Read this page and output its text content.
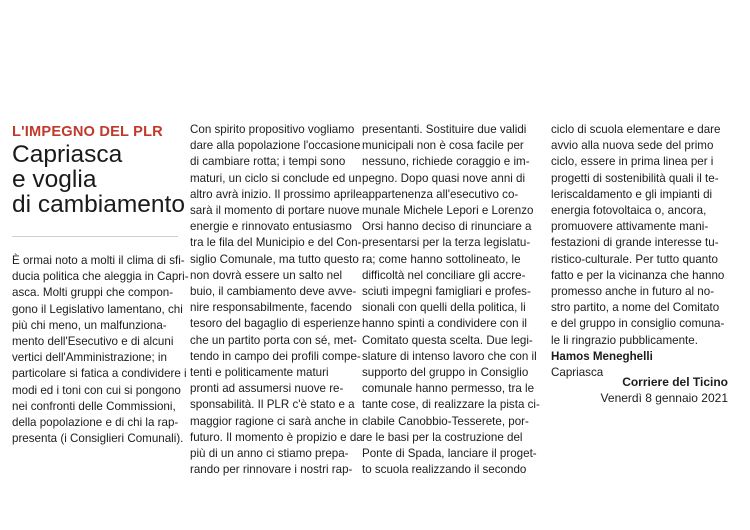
L'IMPEGNO DEL PLR
Capriasca
e voglia
di cambiamento
È ormai noto a molti il clima di sfi-
ducia politica che aleggia in Capri-
asca. Molti gruppi che compon-
gono il Legislativo lamentano, chi
più chi meno, un malfunziona-
mento dell'Esecutivo e di alcuni
vertici dell'Amministrazione; in
particolare si fatica a condividere i
modi ed i toni con cui si pongono
nei confronti delle Commissioni,
della popolazione e di chi la rap-
presenta (i Consiglieri Comunali).
Con spirito propositivo vogliamo
dare alla popolazione l'occasione
di cambiare rotta; i tempi sono
maturi, un ciclo si conclude ed un
altro avrà inizio. Il prossimo aprile
sarà il momento di portare nuove
energie e rinnovato entusiasmo
tra le fila del Municipio e del Con-
siglio Comunale, ma tutto questo
non dovrà essere un salto nel
buio, il cambiamento deve avve-
nire responsabilmente, facendo
tesoro del bagaglio di esperienze
che un partito porta con sé, met-
tendo in campo dei profili compe-
tenti e politicamente maturi
pronti ad assumersi nuove re-
sponsabilità. Il PLR c'è stato e a
maggior ragione ci sarà anche in
futuro. Il momento è propizio e da
più di un anno ci stiamo prepa-
rando per rinnovare i nostri rap-
presentanti. Sostituire due validi
municipali non è cosa facile per
nessuno, richiede coraggio e im-
pegno. Dopo quasi nove anni di
appartenenza all'esecutivo co-
munale Michele Lepori e Lorenzo
Orsi hanno deciso di rinunciare a
presentarsi per la terza legislatu-
ra; come hanno sottolineato, le
difficoltà nel conciliare gli accre-
sciuti impegni famigliari e profes-
sionali con quelli della politica, li
hanno spinti a condividere con il
Comitato questa scelta. Due legi-
slature di intenso lavoro che con il
supporto del gruppo in Consiglio
comunale hanno permesso, tra le
tante cose, di realizzare la pista ci-
clabile Canobbio-Tesserete, por-
re le basi per la costruzione del
Ponte di Spada, lanciare il proget-
to scuola realizzando il secondo
ciclo di scuola elementare e dare
avvio alla nuova sede del primo
ciclo, essere in prima linea per i
progetti di sostenibilità quali il te-
leriscaldamento e gli impianti di
energia fotovoltaica o, ancora,
promuovere attivamente mani-
festazioni di grande interesse tu-
ristico-culturale. Per tutto quanto
fatto e per la vicinanza che hanno
promesso anche in futuro al no-
stro partito, a nome del Comitato
e del gruppo in consiglio comuna-
le li ringrazio pubblicamente.
Hamos Meneghelli
Capriasca
Corriere del Ticino
Venerdì 8 gennaio 2021
